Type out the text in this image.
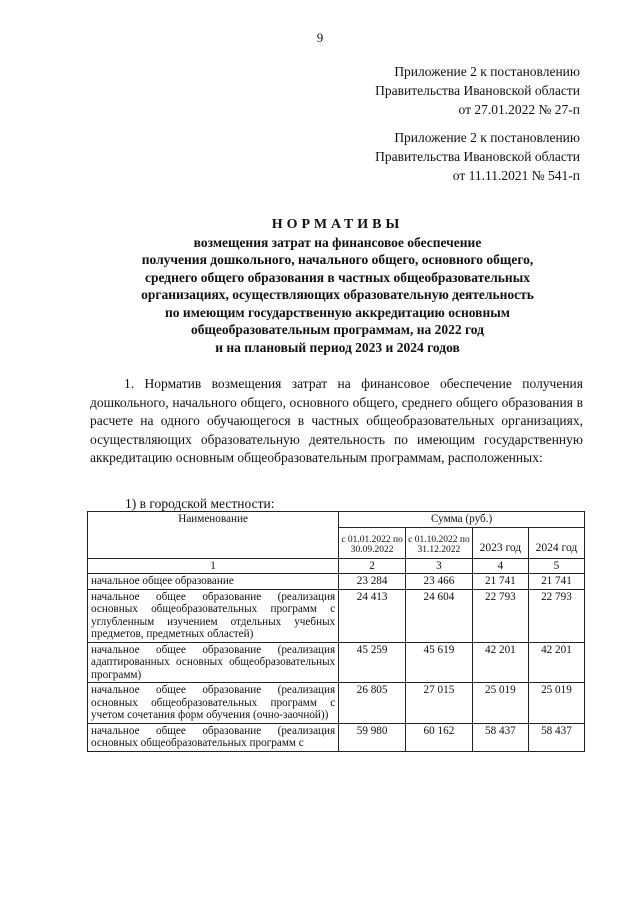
9
Приложение 2 к постановлению
Правительства Ивановской области
от 27.01.2022 № 27-п
Приложение 2 к постановлению
Правительства Ивановской области
от 11.11.2021 № 541-п
НОРМАТИВЫ
возмещения затрат на финансовое обеспечение
получения дошкольного, начального общего, основного общего,
среднего общего образования в частных общеобразовательных
организациях, осуществляющих образовательную деятельность
по имеющим государственную аккредитацию основным
общеобразовательным программам, на 2022 год
и на плановый период 2023 и 2024 годов
1. Норматив возмещения затрат на финансовое обеспечение получения дошкольного, начального общего, основного общего, среднего общего образования в расчете на одного обучающегося в частных общеобразовательных организациях, осуществляющих образовательную деятельность по имеющим государственную аккредитацию основным общеобразовательным программам, расположенных:
1) в городской местности:
Наименование	Сумма (руб.)			
	с 01.01.2022 по 30.09.2022	с 01.10.2022 по 31.12.2022	2023 год	2024 год
1	2	3	4	5
начальное общее образование	23 284	23 466	21 741	21 741
начальное общее образование (реализация основных общеобразовательных программ с углубленным изучением отдельных учебных предметов, предметных областей)	24 413	24 604	22 793	22 793
начальное общее образование (реализация адаптированных основных общеобразовательных программ)	45 259	45 619	42 201	42 201
начальное общее образование (реализация основных общеобразовательных программ с учетом сочетания форм обучения (очно-заочной))	26 805	27 015	25 019	25 019
начальное общее образование (реализация основных общеобразовательных программ с	59 980	60 162	58 437	58 437
